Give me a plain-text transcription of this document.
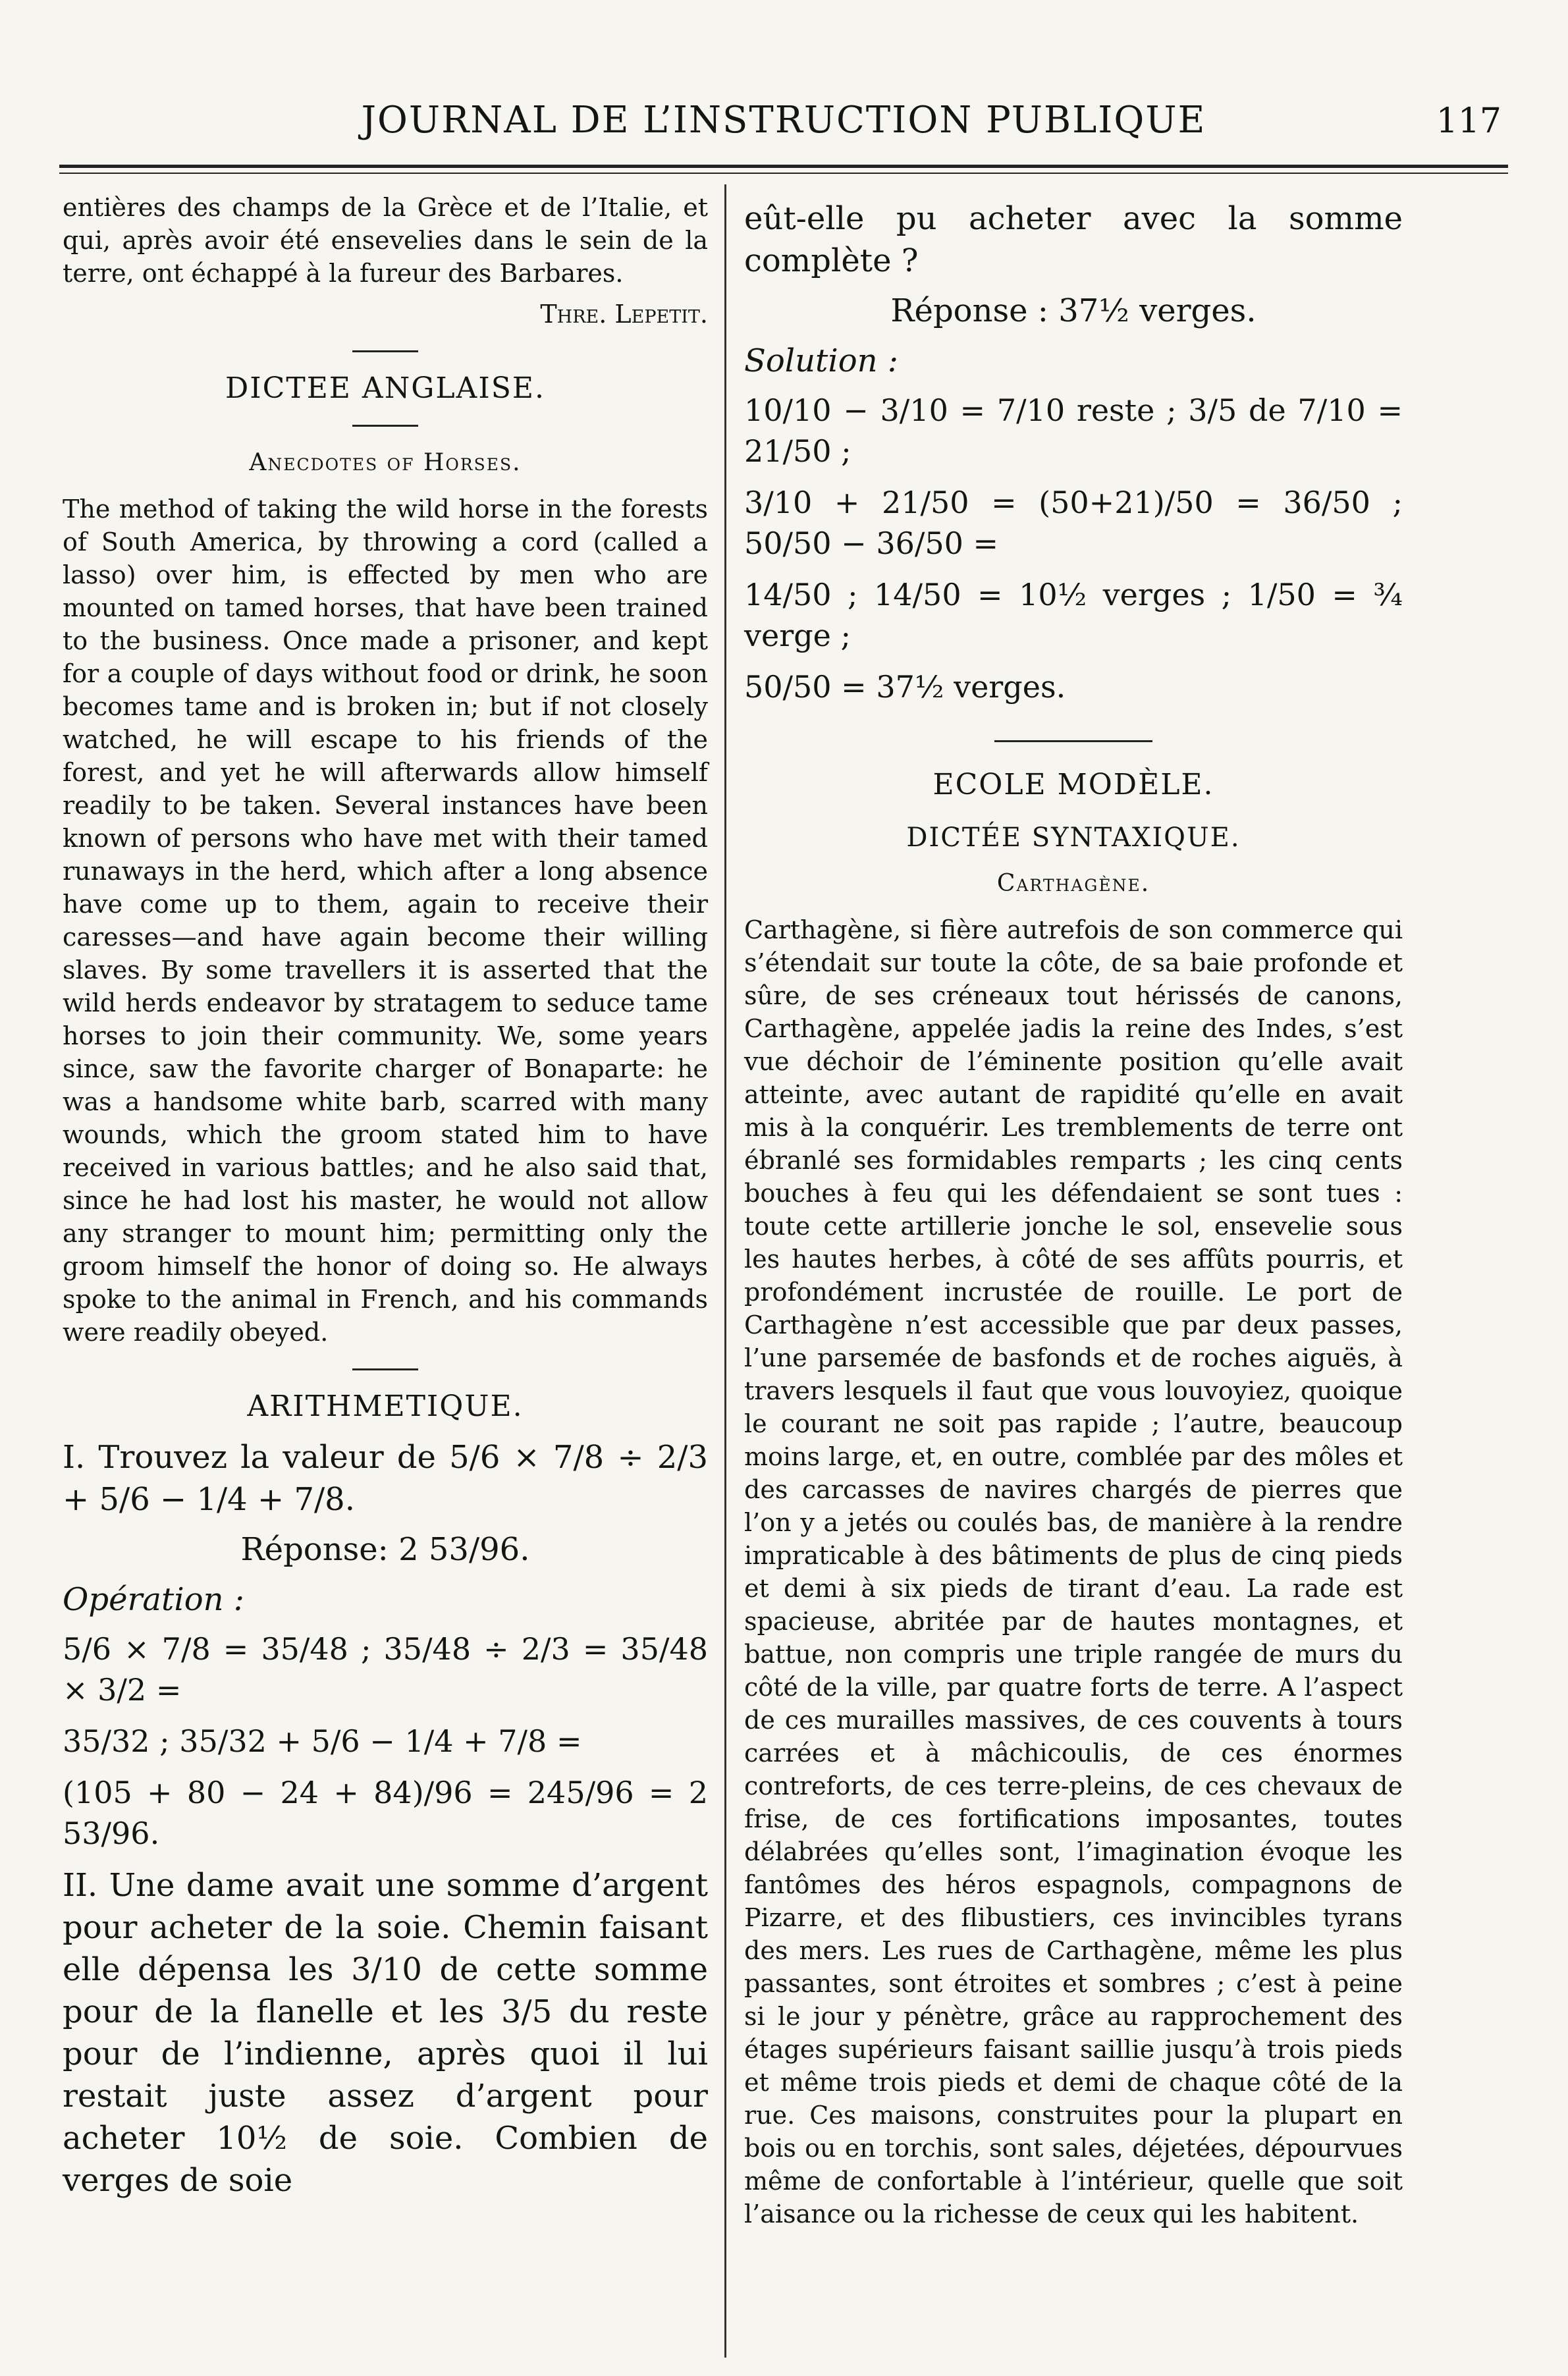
JOURNAL DE L’INSTRUCTION PUBLIQUE	117

entières des champs de la Grèce et de l’Italie, et qui, après avoir été ensevelies dans le sein de la terre, ont échappé à la fureur des Barbares.

Thre. Lepetit.

DICTEE ANGLAISE.
Anecdotes of Horses.

The method of taking the wild horse in the forests of South America, by throwing a cord (called a lasso) over him, is effected by men who are mounted on tamed horses, that have been trained to the business. Once made a prisoner, and kept for a couple of days without food or drink, he soon becomes tame and is broken in; but if not closely watched, he will escape to his friends of the forest, and yet he will afterwards allow himself readily to be taken. Several instances have been known of persons who have met with their tamed runaways in the herd, which after a long absence have come up to them, again to receive their caresses—and have again become their willing slaves. By some travellers it is asserted that the wild herds endeavor by stratagem to seduce tame horses to join their community. We, some years since, saw the favorite charger of Bonaparte: he was a handsome white barb, scarred with many wounds, which the groom stated him to have received in various battles; and he also said that, since he had lost his master, he would not allow any stranger to mount him; permitting only the groom himself the honor of doing so. He always spoke to the animal in French, and his commands were readily obeyed.

ARITHMETIQUE.

I. Trouvez la valeur de 5/6 × 7/8 ÷ 2/3 + 5/6 − 1/4 + 7/8.

Réponse: 2 53/96.

Opération :

5/6 × 7/8 = 35/48 ; 35/48 ÷ 2/3 = 35/48 × 3/2 =

35/32 ; 35/32 + 5/6 − 1/4 + 7/8 =

(105 + 80 − 24 + 84)/96 = 245/96 = 2 53/96.

II. Une dame avait une somme d’argent pour acheter de la soie. Chemin faisant elle dépensa les 3/10 de cette somme pour de la flanelle et les 3/5 du reste pour de l’indienne, après quoi il lui restait juste assez d’argent pour acheter 10½ de soie. Combien de verges de soie

eût-elle pu acheter avec la somme complète ?

Réponse : 37½ verges.

Solution :

10/10 − 3/10 = 7/10 reste ; 3/5 de 7/10 = 21/50 ;

3/10 + 21/50 = (50+21)/50 = 36/50 ; 50/50 − 36/50 =

14/50 ; 14/50 = 10½ verges ; 1/50 = ¾ verge ;

50/50 = 37½ verges.

ECOLE MODÈLE.
DICTÉE SYNTAXIQUE.
Carthagène.

Carthagène, si fière autrefois de son commerce qui s’étendait sur toute la côte, de sa baie profonde et sûre, de ses créneaux tout hérissés de canons, Carthagène, appelée jadis la reine des Indes, s’est vue déchoir de l’éminente position qu’elle avait atteinte, avec autant de rapidité qu’elle en avait mis à la conquérir. Les tremblements de terre ont ébranlé ses formidables remparts ; les cinq cents bouches à feu qui les défendaient se sont tues : toute cette artillerie jonche le sol, ensevelie sous les hautes herbes, à côté de ses affûts pourris, et profondément incrustée de rouille. Le port de Carthagène n’est accessible que par deux passes, l’une parsemée de basfonds et de roches aiguës, à travers lesquels il faut que vous louvoyiez, quoique le courant ne soit pas rapide ; l’autre, beaucoup moins large, et, en outre, comblée par des môles et des carcasses de navires chargés de pierres que l’on y a jetés ou coulés bas, de manière à la rendre impraticable à des bâtiments de plus de cinq pieds et demi à six pieds de tirant d’eau. La rade est spacieuse, abritée par de hautes montagnes, et battue, non compris une triple rangée de murs du côté de la ville, par quatre forts de terre. A l’aspect de ces murailles massives, de ces couvents à tours carrées et à mâchicoulis, de ces énormes contreforts, de ces terre-pleins, de ces chevaux de frise, de ces fortifications imposantes, toutes délabrées qu’elles sont, l’imagination évoque les fantômes des héros espagnols, compagnons de Pizarre, et des flibustiers, ces invincibles tyrans des mers. Les rues de Carthagène, même les plus passantes, sont étroites et sombres ; c’est à peine si le jour y pénètre, grâce au rapprochement des étages supérieurs faisant saillie jusqu’à trois pieds et même trois pieds et demi de chaque côté de la rue. Ces maisons, construites pour la plupart en bois ou en torchis, sont sales, déjetées, dépourvues même de confortable à l’intérieur, quelle que soit l’aisance ou la richesse de ceux qui les habitent.
